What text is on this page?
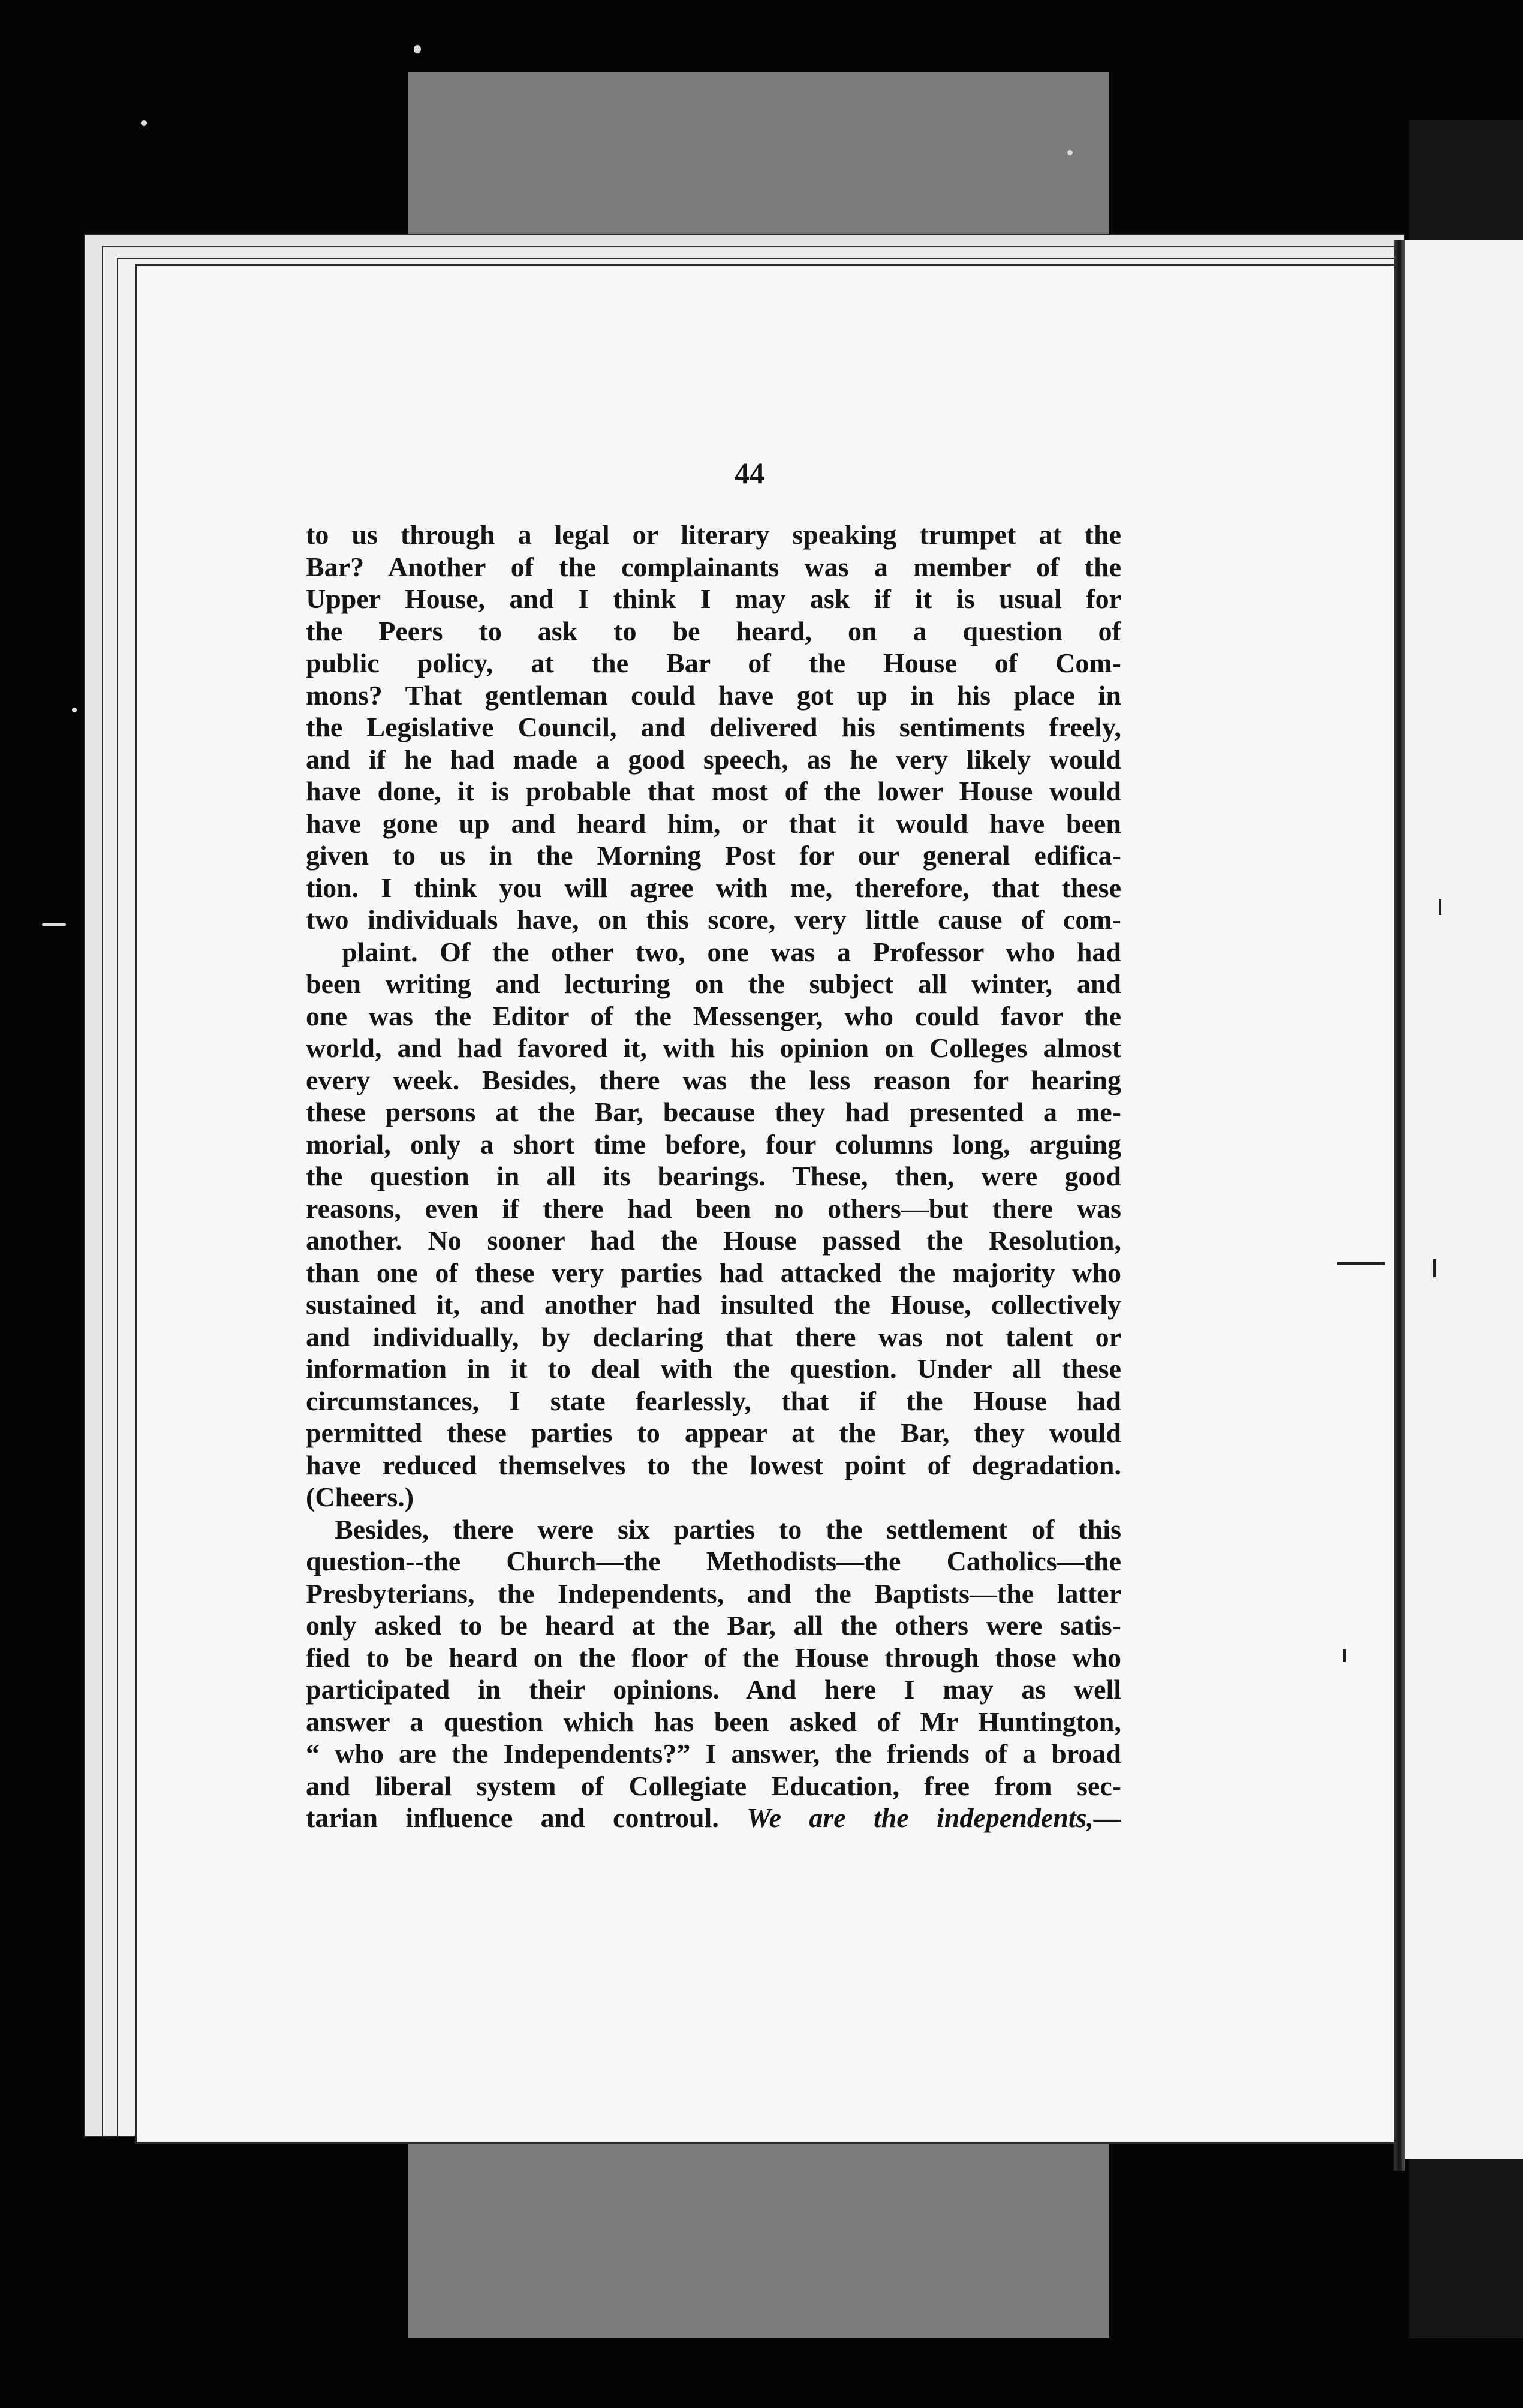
44
to us through a legal or literary speaking trumpet at the
Bar? Another of the complainants was a member of the
Upper House, and I think I may ask if it is usual for
the Peers to ask to be heard, on a question of
public policy, at the Bar of the House of Com-
mons? That gentleman could have got up in his place in
the Legislative Council, and delivered his sentiments freely,
and if he had made a good speech, as he very likely would
have done, it is probable that most of the lower House would
have gone up and heard him, or that it would have been
given to us in the Morning Post for our general edifica-
tion. I think you will agree with me, therefore, that these
two individuals have, on this score, very little cause of com-
plaint. Of the other two, one was a Professor who had
been writing and lecturing on the subject all winter, and
one was the Editor of the Messenger, who could favor the
world, and had favored it, with his opinion on Colleges almost
every week. Besides, there was the less reason for hearing
these persons at the Bar, because they had presented a me-
morial, only a short time before, four columns long, arguing
the question in all its bearings. These, then, were good
reasons, even if there had been no others—but there was
another. No sooner had the House passed the Resolution,
than one of these very parties had attacked the majority who
sustained it, and another had insulted the House, collectively
and individually, by declaring that there was not talent or
information in it to deal with the question. Under all these
circumstances, I state fearlessly, that if the House had
permitted these parties to appear at the Bar, they would
have reduced themselves to the lowest point of degradation.
(Cheers.)
Besides, there were six parties to the settlement of this
question--the Church—the Methodists—the Catholics—the
Presbyterians, the Independents, and the Baptists—the latter
only asked to be heard at the Bar, all the others were satis-
fied to be heard on the floor of the House through those who
participated in their opinions. And here I may as well
answer a question which has been asked of Mr Huntington,
“ who are the Independents?” I answer, the friends of a broad
and liberal system of Collegiate Education, free from sec-
tarian influence and controul. We are the independents,—
